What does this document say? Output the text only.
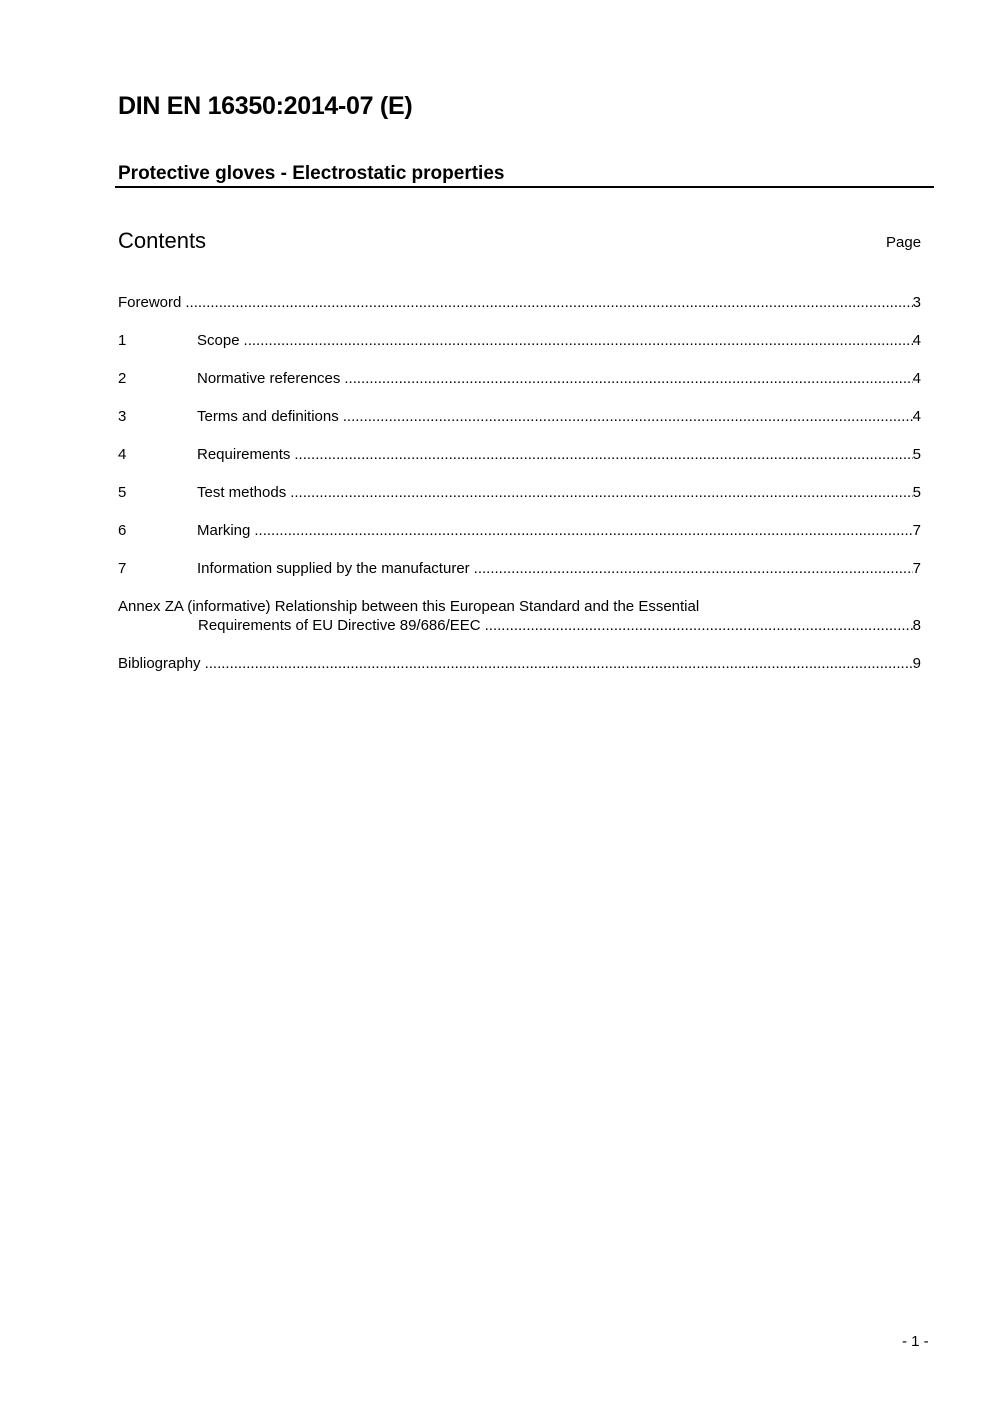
DIN EN 16350:2014-07 (E)
Protective gloves - Electrostatic properties
Contents	Page
Foreword .....	3
1	Scope .....	4
2	Normative references .....	4
3	Terms and definitions .....	4
4	Requirements .....	5
5	Test methods .....	5
6	Marking .....	7
7	Information supplied by the manufacturer .....	7
Annex ZA (informative) Relationship between this European Standard and the Essential
Requirements of EU Directive 89/686/EEC .....	8
Bibliography .....	9
- 1 -
